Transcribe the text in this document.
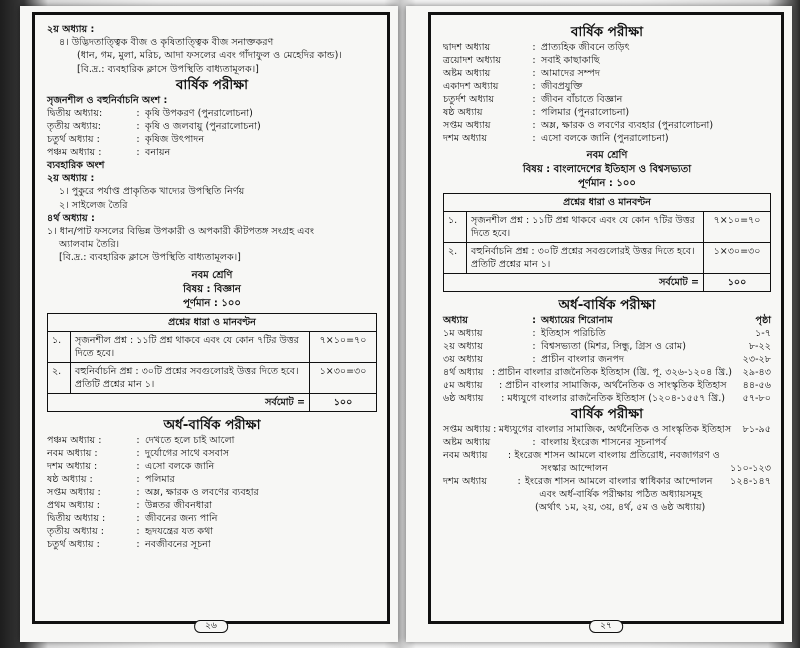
২য় অধ্যায় :
৪। উদ্ভিদতাত্ত্বিক বীজ ও কৃষিতাত্ত্বিক বীজ সনাক্তকরণ
(ধান, গম, মুলা, মরিচ, আদা ফসলের এবং গাঁদাফুল ও মেহেদির কান্ড)।
[বি.দ্র.: ব্যবহারিক ক্লাসে উপস্থিতি বাধ্যতামূলক।]
বার্ষিক পরীক্ষা
সৃজনশীল ও বহুনির্বাচনি অংশ :
দ্বিতীয় অধ্যায়:	: কৃষি উপকরণ (পুনরালোচনা)
তৃতীয় অধ্যায়:	: কৃষি ও জলবায়ু (পুনরালোচনা)
চতুর্থ অধ্যায় :	: কৃষিজ উৎপাদন
পঞ্চম অধ্যায় :	: বনায়ন
ব্যবহারিক অংশ
২য় অধ্যায় :
১। পুকুরে পর্যাপ্ত প্রাকৃতিক খাদ্যের উপস্থিতি নির্ণয়
২। সাইলেজ তৈরি
৪র্থ অধ্যায় :
১। ধান/পাট ফসলের বিভিন্ন উপকারী ও অপকারী কীটপতঙ্গ সংগ্রহ এবং
অ্যালবাম তৈরি।
[বি.দ্র.: ব্যবহারিক ক্লাসে উপস্থিতি বাধ্যতামূলক।]
নবম শ্রেণি
বিষয় : বিজ্ঞান
পূর্ণমান : ১০০
প্রশ্নের ধারা ও মানবণ্টন		
১.	সৃজনশীল প্রশ্ন : ১১টি প্রশ্ন থাকবে এবং যে কোন ৭টির উত্তর দিতে হবে।	৭×১০=৭০
২.	বহুনির্বাচনি প্রশ্ন : ৩০টি প্রশ্নের সবগুলোরই উত্তর দিতে হবে। প্রতিটি প্রশ্নের মান ১।	১×৩০=৩০
সর্বমোট =		১০০
অর্ধ-বার্ষিক পরীক্ষা
পঞ্চম অধ্যায় :	: দেখতে হলে চাই আলো
নবম অধ্যায় :	: দুর্যোগের সাথে বসবাস
দশম অধ্যায় :	: এসো বলকে জানি
ষষ্ঠ অধ্যায় :	: পলিমার
সপ্তম অধ্যায় :	: অম্ল, ক্ষারক ও লবণের ব্যবহার
প্রথম অধ্যায় :	: উন্নতর জীবনধারা
দ্বিতীয় অধ্যায় :	: জীবনের জন্য পানি
তৃতীয় অধ্যায় :	: হৃদযন্ত্রের যত কথা
চতুর্থ অধ্যায় :	: নবজীবনের সূচনা
২৬
বার্ষিক পরীক্ষা
দ্বাদশ অধ্যায়	: প্রাত্যহিক জীবনে তড়িৎ
ত্রয়োদশ অধ্যায়	: সবাই কাছাকাছি
অষ্টম অধ্যায়	: আমাদের সম্পদ
একাদশ অধ্যায়	: জীবপ্রযুক্তি
চতুর্দশ অধ্যায়	: জীবন বাঁচাতে বিজ্ঞান
ষষ্ঠ অধ্যায়	: পলিমার (পুনরালোচনা)
সপ্তম অধ্যায়	: অম্ল, ক্ষারক ও লবণের ব্যবহার (পুনরালোচনা)
দশম অধ্যায়	: এসো বলকে জানি (পুনরালোচনা)
নবম শ্রেণি
বিষয় : বাংলাদেশের ইতিহাস ও বিশ্বসভ্যতা
পূর্ণমান : ১০০
প্রশ্নের ধারা ও মানবণ্টন		
১.	সৃজনশীল প্রশ্ন : ১১টি প্রশ্ন থাকবে এবং যে কোন ৭টির উত্তর দিতে হবে।	৭×১০=৭০
২.	বহুনির্বাচনি প্রশ্ন : ৩০টি প্রশ্নের সবগুলোরই উত্তর দিতে হবে। প্রতিটি প্রশ্নের মান ১।	১×৩০=৩০
সর্বমোট =		১০০
অর্ধ-বার্ষিক পরীক্ষা
অধ্যায়	: অধ্যায়ের শিরোনাম	পৃষ্ঠা
১ম অধ্যায়	: ইতিহাস পরিচিতি	১-৭
২য় অধ্যায়	: বিশ্বসভ্যতা (মিশর, সিন্ধু, গ্রিস ও রোম)	৮-২২
৩য় অধ্যায়	: প্রাচীন বাংলার জনপদ	২৩-২৮
৪র্থ অধ্যায় : প্রাচীন বাংলার রাজনৈতিক ইতিহাস (খ্রি. পূ. ৩২৬-১২০৪ খ্রি.)	২৯-৪৩
৫ম অধ্যায়	: প্রাচীন বাংলার সামাজিক, অর্থনৈতিক ও সাংস্কৃতিক ইতিহাস	৪৪-৫৬
৬ষ্ঠ অধ্যায়	: মধ্যযুগে বাংলার রাজনৈতিক ইতিহাস (১২০৪-১৫৫৭ খ্রি.)	৫৭-৮০
বার্ষিক পরীক্ষা
সপ্তম অধ্যায় : মধ্যযুগের বাংলার সামাজিক, অর্থনৈতিক ও সাংস্কৃতিক ইতিহাস	৮১-৯৫
অষ্টম অধ্যায়	: বাংলায় ইংরেজ শাসনের সূচনাপর্ব
নবম অধ্যায়	: ইংরেজ শাসন আমলে বাংলায় প্রতিরোধ, নবজাগরণ ও
সংস্কার আন্দোলন	১১০-১২৩
দশম অধ্যায়	: ইংরেজ শাসন আমলে বাংলার স্বাধিকার আন্দোলন	১২৪-১৪৭
এবং অর্ধ-বার্ষিক পরীক্ষায় পঠিত অধ্যায়সমূহ
(অর্থাৎ ১ম, ২য়, ৩য়, ৪র্থ, ৫ম ও ৬ষ্ঠ অধ্যায়)
২৭
